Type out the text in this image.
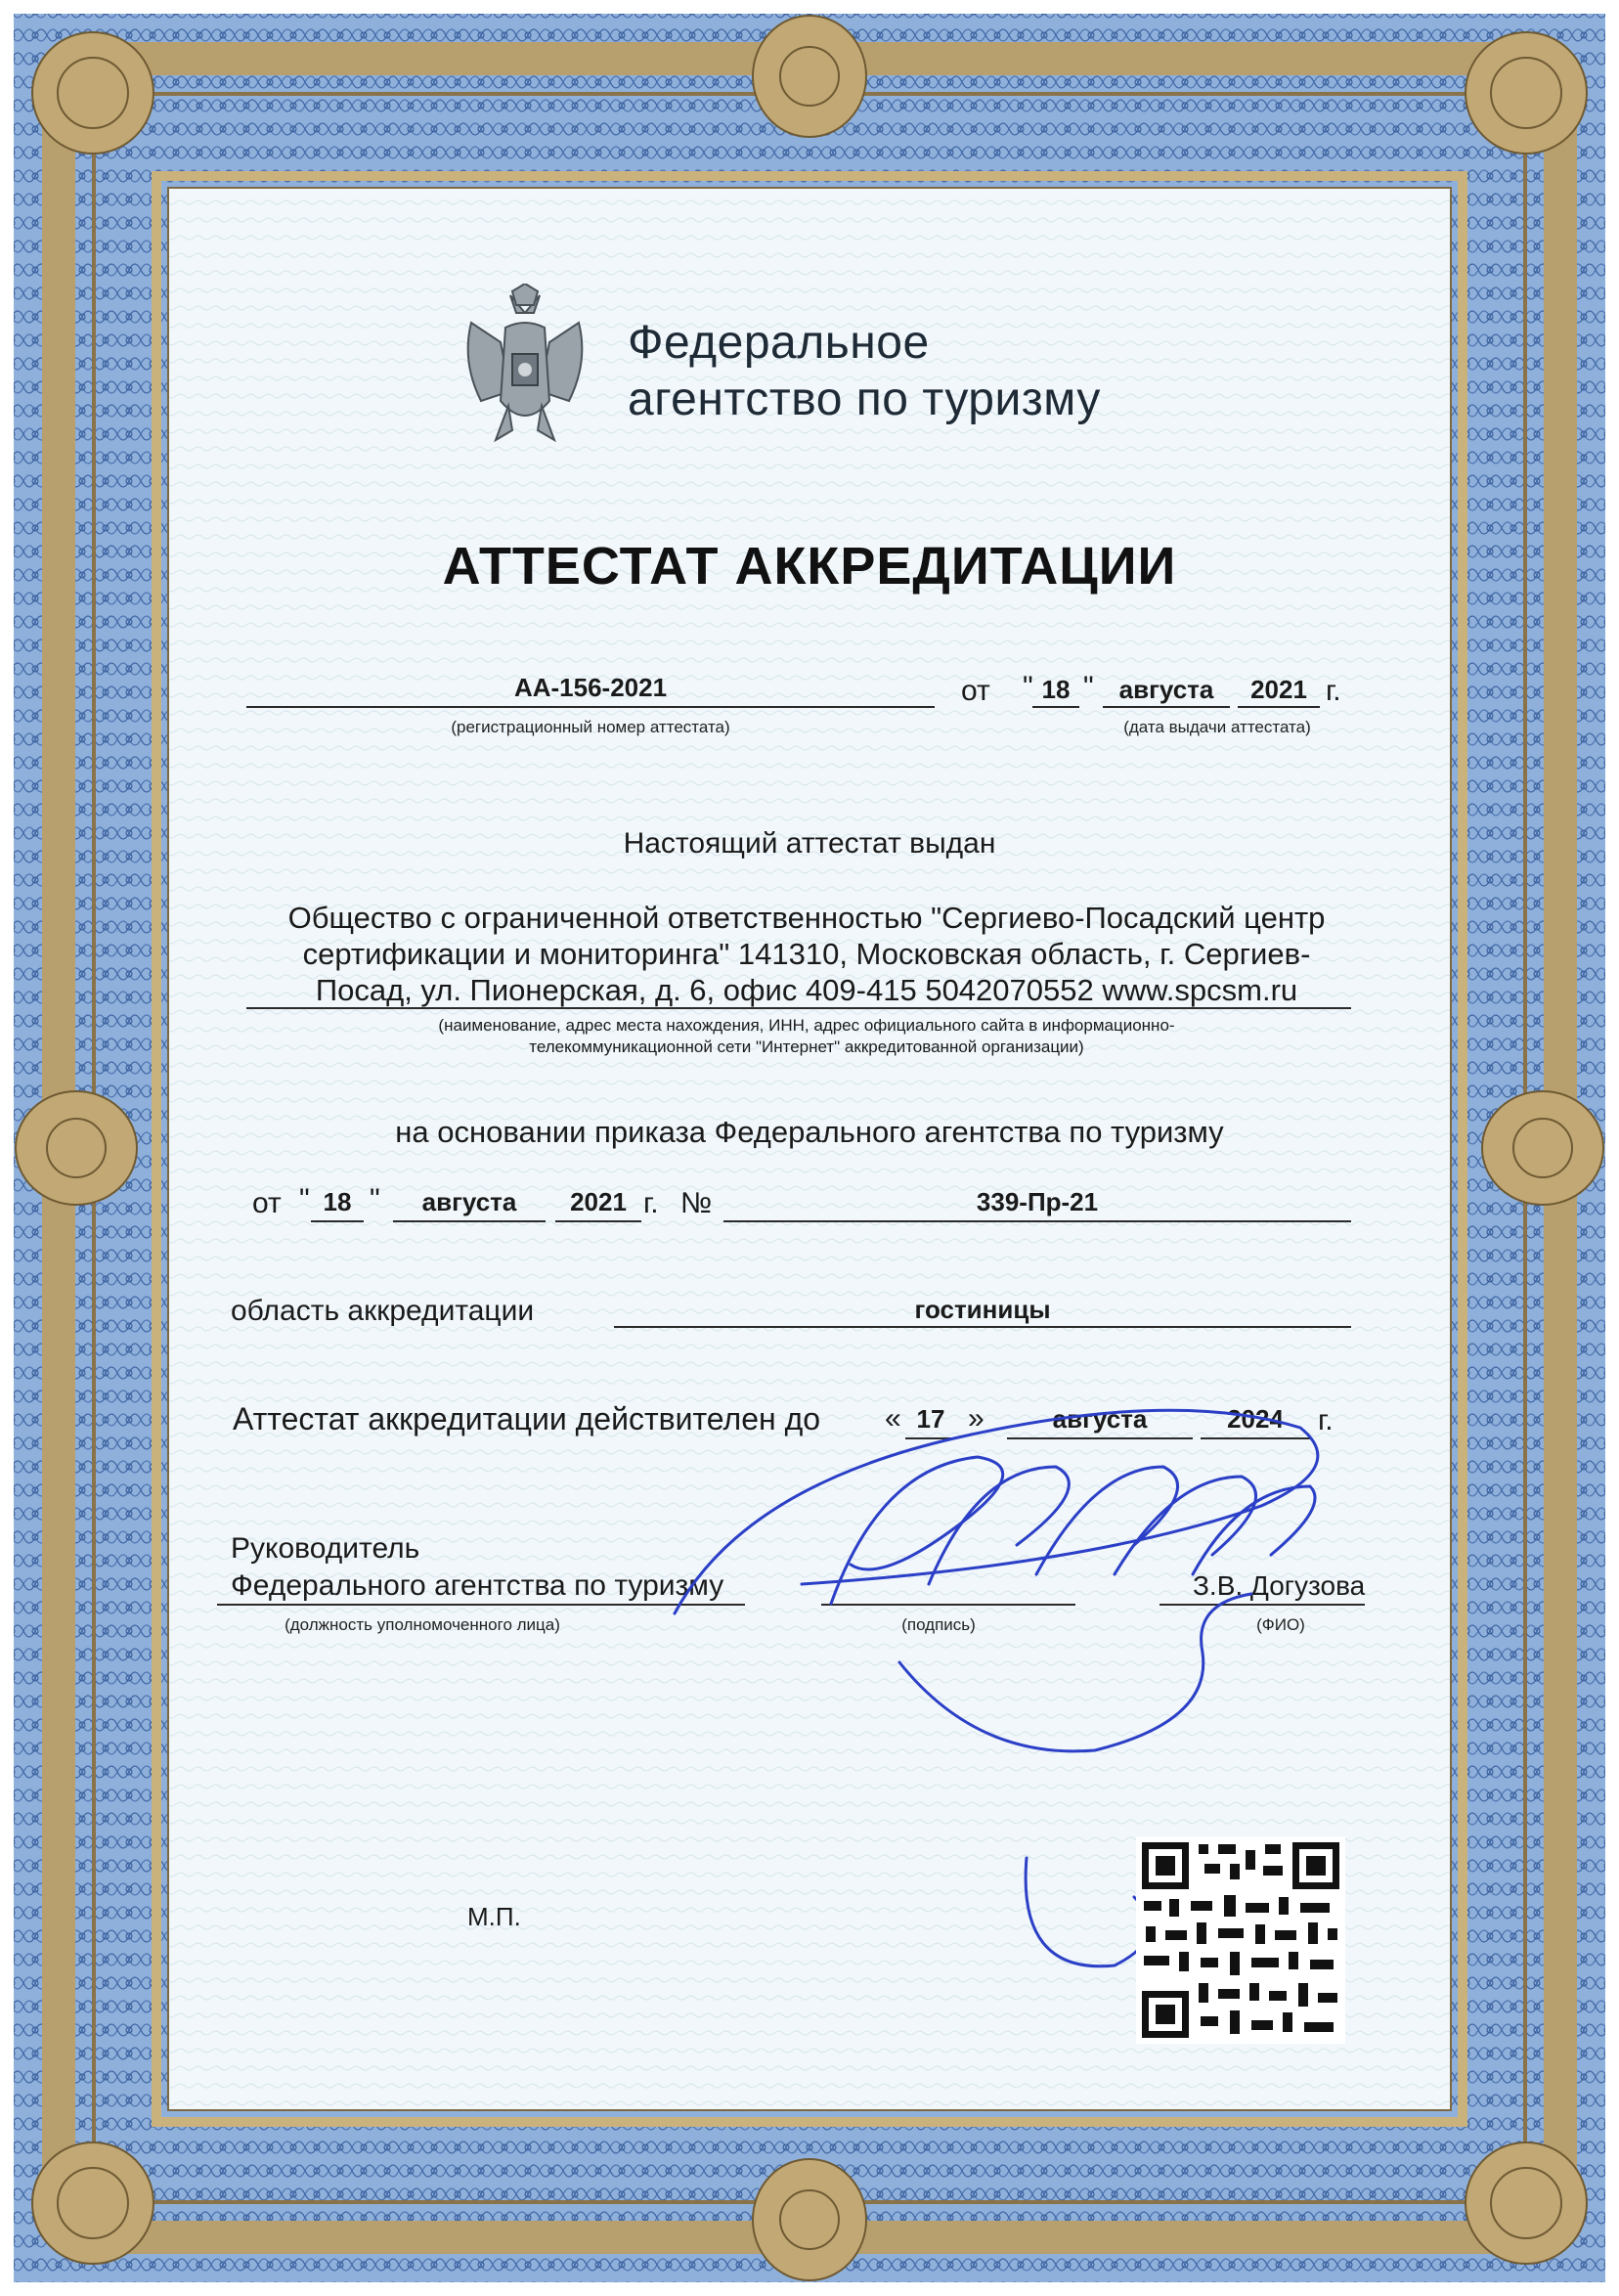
Федеральное
агентство по туризму
АТТЕСТАТ АККРЕДИТАЦИИ
АА-156-2021
(регистрационный номер аттестата)
от " 18 " августа	2021 г.
(дата выдачи аттестата)
Настоящий аттестат выдан
Общество с ограниченной ответственностью "Сергиево-Посадский центр
сертификации и мониторинга" 141310, Московская область, г. Сергиев-
Посад, ул. Пионерская, д. 6, офис 409-415 5042070552 www.spcsm.ru
(наименование, адрес места нахождения, ИНН, адрес официального сайта в информационно-
телекоммуникационной сети "Интернет" аккредитованной организации)
на основании приказа Федерального агентства по туризму
от " 18 "	августа	2021 г. №	339-Пр-21
область аккредитации	гостиницы
Аттестат аккредитации действителен до « 17 »	августа	2024	г.
Руководитель
Федерального агентства по туризму
(должность уполномоченного лица)	(подпись)
З.В. Догузова
(ФИО)
М.П.
